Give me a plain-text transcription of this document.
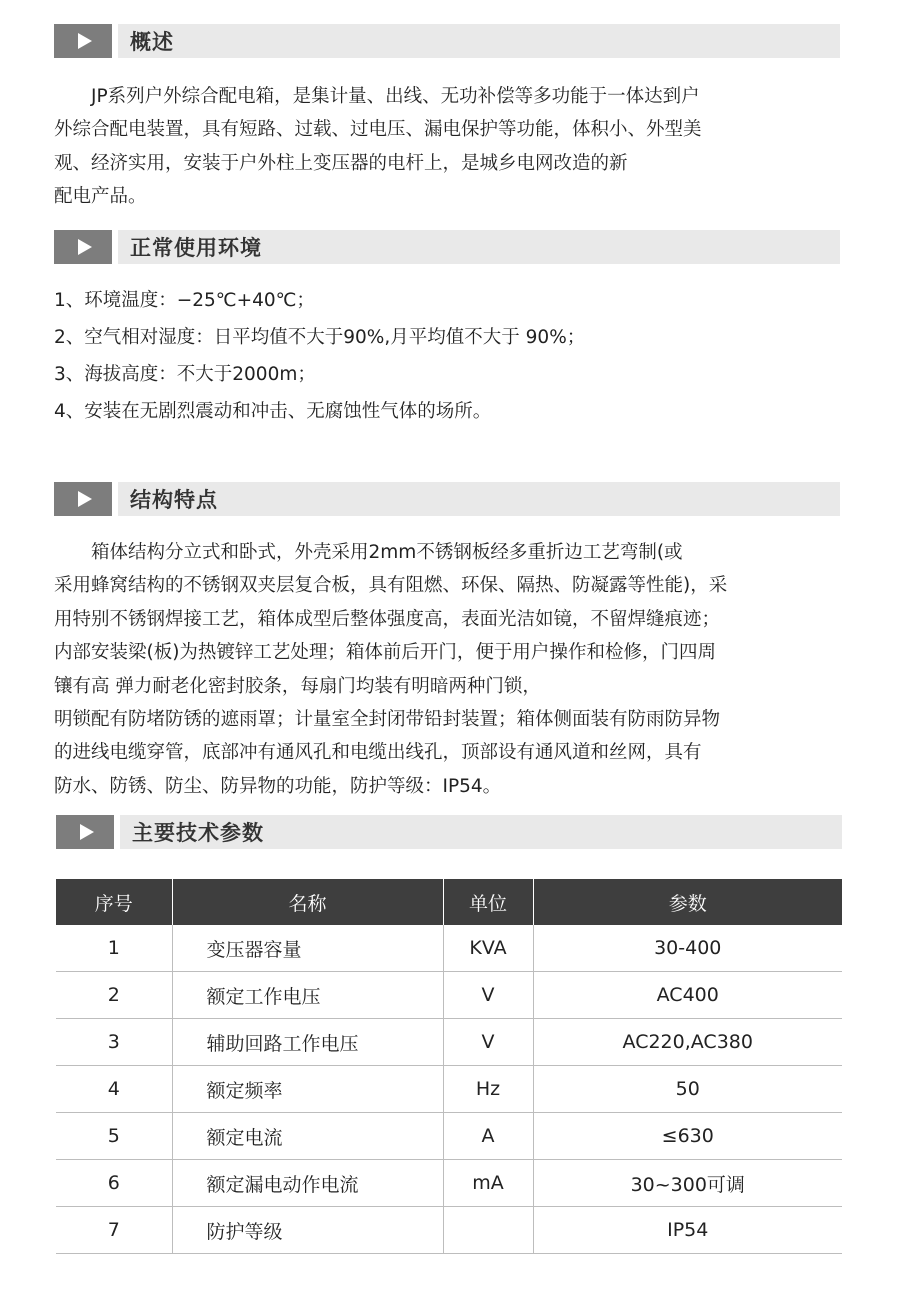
概述

JP系列户外综合配电箱，是集计量、出线、无功补偿等多功能于一体达到户

外综合配电装置，具有短路、过载、过电压、漏电保护等功能，体积小、外型美

观、经济实用，安装于户外柱上变压器的电杆上，是城乡电网改造的新

配电产品。

正常使用环境
1、环境温度：−25℃+40℃；
2、空气相对湿度：日平均值不大于90%,月平均值不大于 90%；
3、海拔高度：不大于2000m；
4、安装在无剧烈震动和冲击、无腐蚀性气体的场所。
结构特点

箱体结构分立式和卧式，外壳采用2mm不锈钢板经多重折边工艺弯制(或

采用蜂窝结构的不锈钢双夹层复合板，具有阻燃、环保、隔热、防凝露等性能)，采

用特别不锈钢焊接工艺，箱体成型后整体强度高，表面光洁如镜，不留焊缝痕迹；

内部安装梁(板)为热镀锌工艺处理；箱体前后开门，便于用户操作和检修，门四周

镶有高 弹力耐老化密封胶条，每扇门均装有明暗两种门锁，

明锁配有防堵防锈的遮雨罩；计量室全封闭带铅封装置；箱体侧面装有防雨防异物

的进线电缆穿管，底部冲有通风孔和电缆出线孔，顶部设有通风道和丝网，具有

防水、防锈、防尘、防异物的功能，防护等级：IP54。

主要技术参数
序号	名称	单位	参数
1	变压器容量	KVA	30-400
2	额定工作电压	V	AC400
3	辅助回路工作电压	V	AC220,AC380
4	额定频率	Hz	50
5	额定电流	A	≤630
6	额定漏电动作电流	mA	30~300可调
7	防护等级		IP54
